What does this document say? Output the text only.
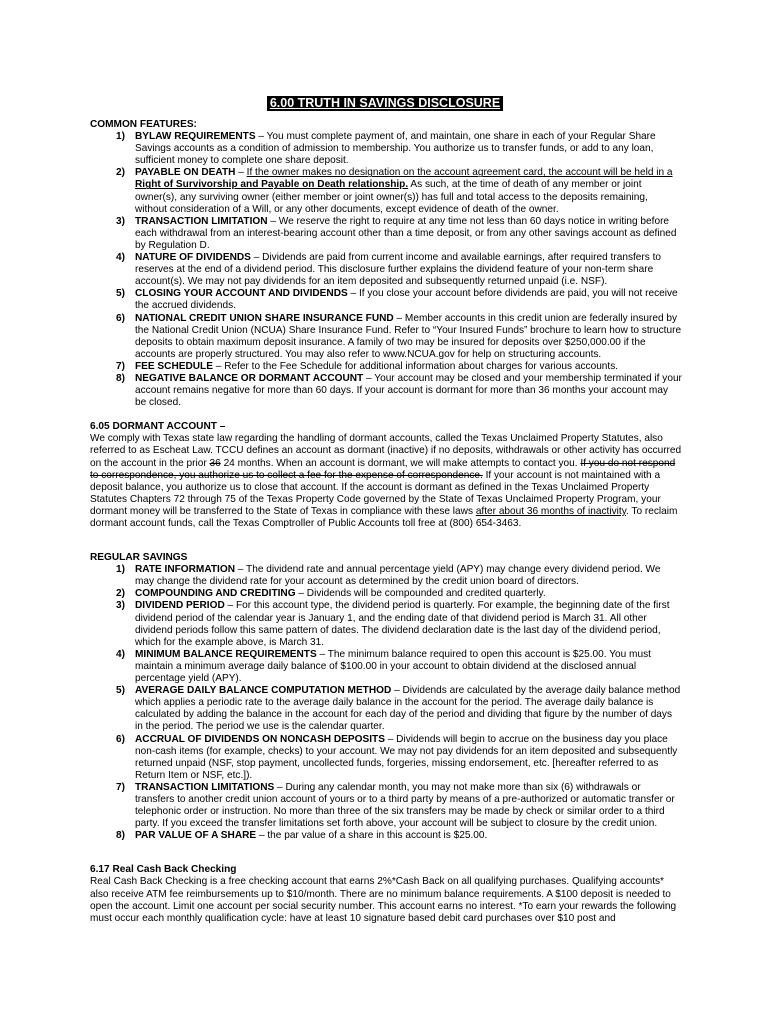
6.00 TRUTH IN SAVINGS DISCLOSURE

COMMON FEATURES:

1) BYLAW REQUIREMENTS – You must complete payment of, and maintain, one share in each of your Regular Share Savings accounts as a condition of admission to membership. You authorize us to transfer funds, or add to any loan, sufficient money to complete one share deposit.
2) PAYABLE ON DEATH – If the owner makes no designation on the account agreement card, the account will be held in a Right of Survivorship and Payable on Death relationship. As such, at the time of death of any member or joint owner(s), any surviving owner (either member or joint owner(s)) has full and total access to the deposits remaining, without consideration of a Will, or any other documents, except evidence of death of the owner.
3) TRANSACTION LIMITATION – We reserve the right to require at any time not less than 60 days notice in writing before each withdrawal from an interest-bearing account other than a time deposit, or from any other savings account as defined by Regulation D.
4) NATURE OF DIVIDENDS – Dividends are paid from current income and available earnings, after required transfers to reserves at the end of a dividend period. This disclosure further explains the dividend feature of your non-term share account(s). We may not pay dividends for an item deposited and subsequently returned unpaid (i.e. NSF).
5) CLOSING YOUR ACCOUNT AND DIVIDENDS – If you close your account before dividends are paid, you will not receive the accrued dividends.
6) NATIONAL CREDIT UNION SHARE INSURANCE FUND – Member accounts in this credit union are federally insured by the National Credit Union (NCUA) Share Insurance Fund. Refer to “Your Insured Funds” brochure to learn how to structure deposits to obtain maximum deposit insurance. A family of two may be insured for deposits over $250,000.00 if the accounts are properly structured. You may also refer to www.NCUA.gov for help on structuring accounts.
7) FEE SCHEDULE – Refer to the Fee Schedule for additional information about charges for various accounts.
8) NEGATIVE BALANCE OR DORMANT ACCOUNT – Your account may be closed and your membership terminated if your account remains negative for more than 60 days. If your account is dormant for more than 36 months your account may be closed.

6.05 DORMANT ACCOUNT –

We comply with Texas state law regarding the handling of dormant accounts, called the Texas Unclaimed Property Statutes, also referred to as Escheat Law. TCCU defines an account as dormant (inactive) if no deposits, withdrawals or other activity has occurred on the account in the prior 36 24 months. When an account is dormant, we will make attempts to contact you. If you do not respond to correspondence, you authorize us to collect a fee for the expense of correspondence. If your account is not maintained with a deposit balance, you authorize us to close that account. If the account is dormant as defined in the Texas Unclaimed Property Statutes Chapters 72 through 75 of the Texas Property Code governed by the State of Texas Unclaimed Property Program, your dormant money will be transferred to the State of Texas in compliance with these laws after about 36 months of inactivity. To reclaim dormant account funds, call the Texas Comptroller of Public Accounts toll free at (800) 654-3463.

REGULAR SAVINGS

1) RATE INFORMATION – The dividend rate and annual percentage yield (APY) may change every dividend period. We may change the dividend rate for your account as determined by the credit union board of directors.
2) COMPOUNDING AND CREDITING – Dividends will be compounded and credited quarterly.
3) DIVIDEND PERIOD – For this account type, the dividend period is quarterly. For example, the beginning date of the first dividend period of the calendar year is January 1, and the ending date of that dividend period is March 31. All other dividend periods follow this same pattern of dates. The dividend declaration date is the last day of the dividend period, which for the example above, is March 31.
4) MINIMUM BALANCE REQUIREMENTS – The minimum balance required to open this account is $25.00. You must maintain a minimum average daily balance of $100.00 in your account to obtain dividend at the disclosed annual percentage yield (APY).
5) AVERAGE DAILY BALANCE COMPUTATION METHOD – Dividends are calculated by the average daily balance method which applies a periodic rate to the average daily balance in the account for the period. The average daily balance is calculated by adding the balance in the account for each day of the period and dividing that figure by the number of days in the period. The period we use is the calendar quarter.
6) ACCRUAL OF DIVIDENDS ON NONCASH DEPOSITS – Dividends will begin to accrue on the business day you place non-cash items (for example, checks) to your account. We may not pay dividends for an item deposited and subsequently returned unpaid (NSF, stop payment, uncollected funds, forgeries, missing endorsement, etc. [hereafter referred to as Return Item or NSF, etc.]).
7) TRANSACTION LIMITATIONS – During any calendar month, you may not make more than six (6) withdrawals or transfers to another credit union account of yours or to a third party by means of a pre-authorized or automatic transfer or telephonic order or instruction. No more than three of the six transfers may be made by check or similar order to a third party. If you exceed the transfer limitations set forth above, your account will be subject to closure by the credit union.
8) PAR VALUE OF A SHARE – the par value of a share in this account is $25.00.

6.17 Real Cash Back Checking

Real Cash Back Checking is a free checking account that earns 2%*Cash Back on all qualifying purchases. Qualifying accounts* also receive ATM fee reimbursements up to $10/month. There are no minimum balance requirements. A $100 deposit is needed to open the account. Limit one account per social security number. This account earns no interest. *To earn your rewards the following must occur each monthly qualification cycle: have at least 10 signature based debit card purchases over $10 post and
